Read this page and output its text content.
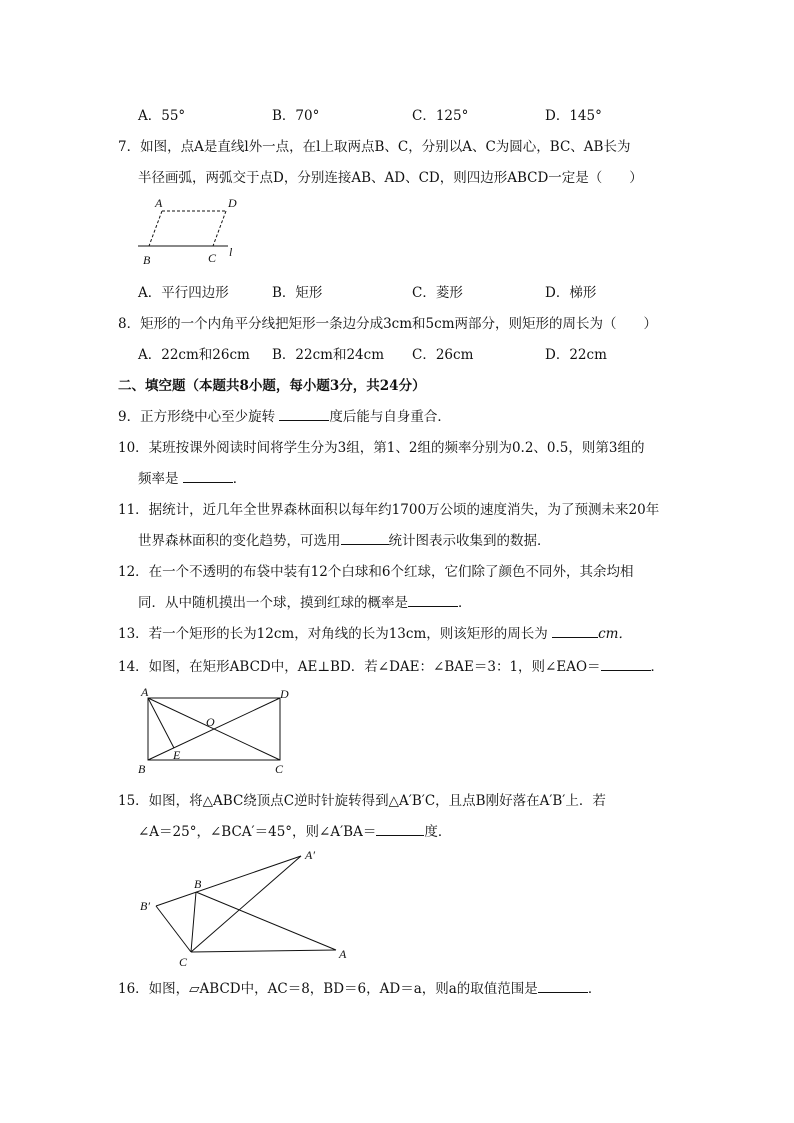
A．55°	B．70°	C．125°	D．145°
7．如图，点A是直线l外一点，在l上取两点B、C，分别以A、C为圆心，BC、AB长为
半径画弧，两弧交于点D，分别连接AB、AD、CD，则四边形ABCD一定是（　　）
A	D
B	C l
A．平行四边形	B．矩形	C．菱形	D．梯形
8．矩形的一个内角平分线把矩形一条边分成3cm和5cm两部分，则矩形的周长为（　　）
A．22cm和26cm B．22cm和24cm C．26cm	D．22cm
二、填空题（本题共8小题，每小题3分，共24分）
9．正方形绕中心至少旋转	度后能与自身重合．
10．某班按课外阅读时间将学生分为3组，第1、2组的频率分别为0.2、0.5，则第3组的
频率是	．
11．据统计，近几年全世界森林面积以每年约1700万公顷的速度消失，为了预测未来20年
世界森林面积的变化趋势，可选用	统计图表示收集到的数据．
12．在一个不透明的布袋中装有12个白球和6个红球，它们除了颜色不同外，其余均相
同．从中随机摸出一个球，摸到红球的概率是	．
13．若一个矩形的长为12cm，对角线的长为13cm，则该矩形的周长为	cm．
14．如图，在矩形ABCD中，AE⊥BD．若∠DAE：∠BAE＝3：1，则∠EAO＝	．
A	D
O
E
B	C
15．如图，将△ABC绕顶点C逆时针旋转得到△A′B′C，且点B刚好落在A′B′上．若
∠A＝25°，∠BCA′＝45°，则∠A′BA＝	度．
A′
B
B′
C
A
16．如图，▱ABCD中，AC＝8，BD＝6，AD＝a，则a的取值范围是	．
